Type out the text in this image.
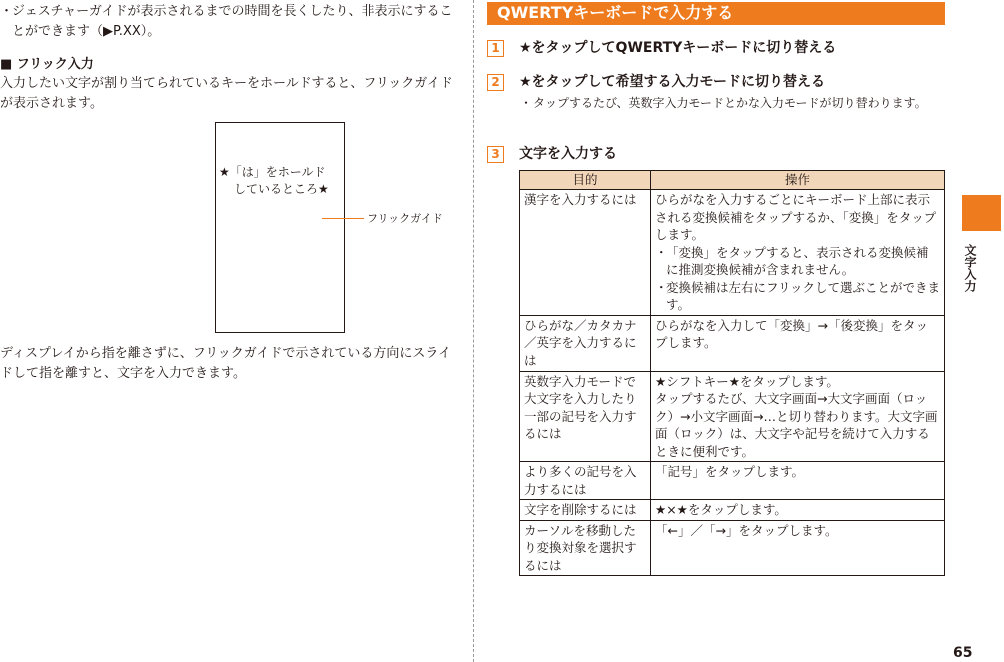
・
ジェスチャーガイドが表示されるまでの時間を長くしたり、非表示にすることができます（▶P.XX）。
■ フリック入力
入力したい文字が割り当てられているキーをホールドすると、フリックガイドが表示されます。
★「は」をホールド
しているところ★
フリックガイド
ディスプレイから指を離さずに、フリックガイドで示されている方向にスライドして指を離すと、文字を入力できます。
QWERTYキーボードで入力する
1	★をタップしてQWERTYキーボードに切り替える
2	★をタップして希望する入力モードに切り替える
・ タップするたび、英数字入力モードとかな入力モードが切り替わります。
3	文字を入力する
目的	操作
漢字を入力するには	ひらがなを入力するごとにキーボード上部に表示される変換候補をタップするか、「変換」をタップします。
・
「変換」をタップすると、表示される変換候補に推測変換候補が含まれません。
・
変換候補は左右にフリックして選ぶことができます。

ひらがな／カタカナ／英字を入力するには	ひらがなを入力して「変換」→「後変換」をタップします。
英数字入力モードで大文字を入力したり一部の記号を入力するには	★シフトキー★をタップします。
タップするたび、大文字画面→大文字画面（ロック）→小文字画面→…と切り替わります。大文字画面（ロック）は、大文字や記号を続けて入力するときに便利です。

より多くの記号を入力するには	「記号」をタップします。
文字を削除するには	★×★をタップします。
カーソルを移動したり変換対象を選択するには	「←」／「→」をタップします。
文字入力
65
